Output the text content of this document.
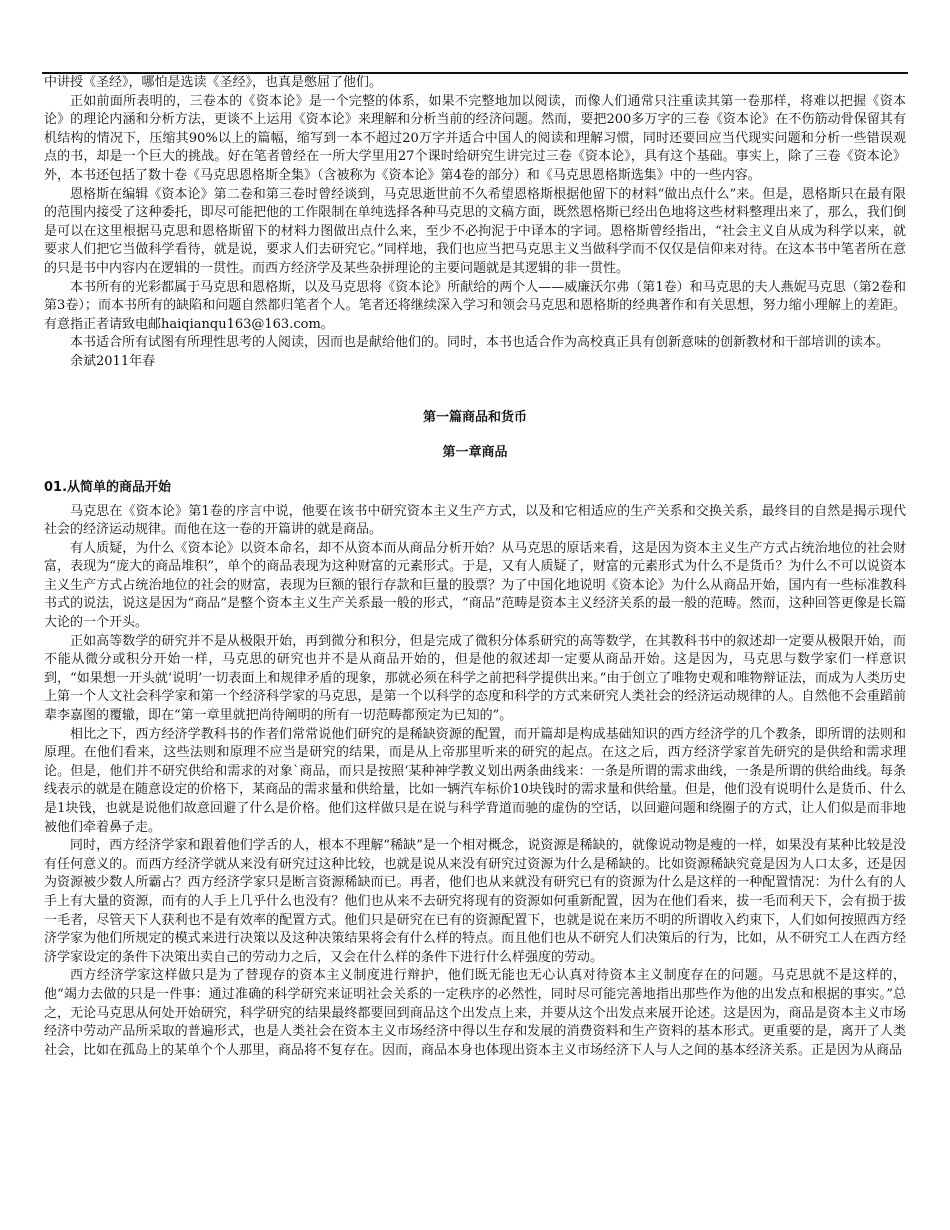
中讲授《圣经》，哪怕是选读《圣经》，也真是憋屈了他们。

正如前面所表明的，三卷本的《资本论》是一个完整的体系，如果不完整地加以阅读，而像人们通常只注重读其第一卷那样，将难以把握《资本论》的理论内涵和分析方法，更谈不上运用《资本论》来理解和分析当前的经济问题。然而，要把200多万字的三卷《资本论》在不伤筋动骨保留其有机结构的情况下，压缩其90%以上的篇幅，缩写到一本不超过20万字并适合中国人的阅读和理解习惯，同时还要回应当代现实问题和分析一些错误观点的书，却是一个巨大的挑战。好在笔者曾经在一所大学里用27个课时给研究生讲完过三卷《资本论》，具有这个基础。事实上，除了三卷《资本论》外，本书还包括了数十卷《马克思恩格斯全集》（含被称为《资本论》第4卷的部分）和《马克思恩格斯选集》中的一些内容。

恩格斯在编辑《资本论》第二卷和第三卷时曾经谈到，马克思逝世前不久希望恩格斯根据他留下的材料“做出点什么”来。但是，恩格斯只在最有限的范围内接受了这种委托，即尽可能把他的工作限制在单纯选择各种马克思的文稿方面，既然恩格斯已经出色地将这些材料整理出来了，那么，我们倒是可以在这里根据马克思和恩格斯留下的材料力图做出点什么来，至少不必拘泥于中译本的字词。恩格斯曾经指出，“社会主义自从成为科学以来，就要求人们把它当做科学看待，就是说，要求人们去研究它。”同样地，我们也应当把马克思主义当做科学而不仅仅是信仰来对待。在这本书中笔者所在意的只是书中内容内在逻辑的一贯性。而西方经济学及某些杂拼理论的主要问题就是其逻辑的非一贯性。

本书所有的光彩都属于马克思和恩格斯，以及马克思将《资本论》所献给的两个人——威廉沃尔弗（第1卷）和马克思的夫人燕妮马克思（第2卷和第3卷）；而本书所有的缺陷和问题自然都归笔者个人。笔者还将继续深入学习和领会马克思和恩格斯的经典著作和有关思想，努力缩小理解上的差距。有意指正者请致电邮haiqianqu163@163.com。

本书适合所有试图有所理性思考的人阅读，因而也是献给他们的。同时，本书也适合作为高校真正具有创新意味的创新教材和干部培训的读本。

余斌2011年春

第一篇商品和货币
第一章商品
01.从简单的商品开始

马克思在《资本论》第1卷的序言中说，他要在该书中研究资本主义生产方式，以及和它相适应的生产关系和交换关系，最终目的自然是揭示现代社会的经济运动规律。而他在这一卷的开篇讲的就是商品。

有人质疑，为什么《资本论》以资本命名，却不从资本而从商品分析开始？从马克思的原话来看，这是因为资本主义生产方式占统治地位的社会财富，表现为“庞大的商品堆积”，单个的商品表现为这种财富的元素形式。于是，又有人质疑了，财富的元素形式为什么不是货币？为什么不可以说资本主义生产方式占统治地位的社会的财富，表现为巨额的银行存款和巨量的股票？为了中国化地说明《资本论》为什么从商品开始，国内有一些标准教科书式的说法，说这是因为“商品”是整个资本主义生产关系最一般的形式，“商品”范畴是资本主义经济关系的最一般的范畴。然而，这种回答更像是长篇大论的一个开头。

正如高等数学的研究并不是从极限开始，再到微分和积分，但是完成了微积分体系研究的高等数学，在其教科书中的叙述却一定要从极限开始，而不能从微分或积分开始一样，马克思的研究也并不是从商品开始的，但是他的叙述却一定要从商品开始。这是因为，马克思与数学家们一样意识到，“如果想一开头就‘说明’一切表面上和规律矛盾的现象，那就必须在科学之前把科学提供出来。”由于创立了唯物史观和唯物辩证法，而成为人类历史上第一个人文社会科学家和第一个经济科学家的马克思，是第一个以科学的态度和科学的方式来研究人类社会的经济运动规律的人。自然他不会重蹈前辈李嘉图的覆辙，即在“第一章里就把尚待阐明的所有一切范畴都预定为已知的”。

相比之下，西方经济学教科书的作者们常常说他们研究的是稀缺资源的配置，而开篇却是构成基础知识的西方经济学的几个教条，即所谓的法则和原理。在他们看来，这些法则和原理不应当是研究的结果，而是从上帝那里听来的研究的起点。在这之后，西方经济学家首先研究的是供给和需求理论。但是，他们并不研究供给和需求的对象`商品，而只是按照‘某种神学教义划出两条曲线来：一条是所谓的需求曲线，一条是所谓的供给曲线。每条线表示的就是在随意设定的价格下，某商品的需求量和供给量，比如一辆汽车标价10块钱时的需求量和供给量。但是，他们没有说明什么是货币、什么是1块钱，也就是说他们故意回避了什么是价格。他们这样做只是在说与科学背道而驰的虚伪的空话，以回避问题和绕圈子的方式，让人们似是而非地被他们牵着鼻子走。

同时，西方经济学家和跟着他们学舌的人，根本不理解“稀缺”是一个相对概念，说资源是稀缺的，就像说动物是瘦的一样，如果没有某种比较是没有任何意义的。而西方经济学就从来没有研究过这种比较，也就是说从来没有研究过资源为什么是稀缺的。比如资源稀缺究竟是因为人口太多，还是因为资源被少数人所霸占？西方经济学家只是断言资源稀缺而已。再者，他们也从来就没有研究已有的资源为什么是这样的一种配置情况：为什么有的人手上有大量的资源，而有的人手上几乎什么也没有？他们也从来不去研究将现有的资源如何重新配置，因为在他们看来，拔一毛而利天下，会有损于拔一毛者，尽管天下人获利也不是有效率的配置方式。他们只是研究在已有的资源配置下，也就是说在来历不明的所谓收入约束下，人们如何按照西方经济学家为他们所规定的模式来进行决策以及这种决策结果将会有什么样的特点。而且他们也从不研究人们决策后的行为，比如，从不研究工人在西方经济学家设定的条件下决策出卖自己的劳动力之后，又会在什么样的条件下进行什么样强度的劳动。

西方经济学家这样做只是为了替现存的资本主义制度进行辩护，他们既无能也无心认真对待资本主义制度存在的问题。马克思就不是这样的，他“竭力去做的只是一件事：通过准确的科学研究来证明社会关系的一定秩序的必然性，同时尽可能完善地指出那些作为他的出发点和根据的事实。”总之，无论马克思从何处开始研究，科学研究的结果最终都要回到商品这个出发点上来，并要从这个出发点来展开论述。这是因为，商品是资本主义市场经济中劳动产品所采取的普遍形式，也是人类社会在资本主义市场经济中得以生存和发展的消费资料和生产资料的基本形式。更重要的是，离开了人类社会，比如在孤岛上的某单个个人那里，商品将不复存在。因而，商品本身也体现出资本主义市场经济下人与人之间的基本经济关系。正是因为从商品
